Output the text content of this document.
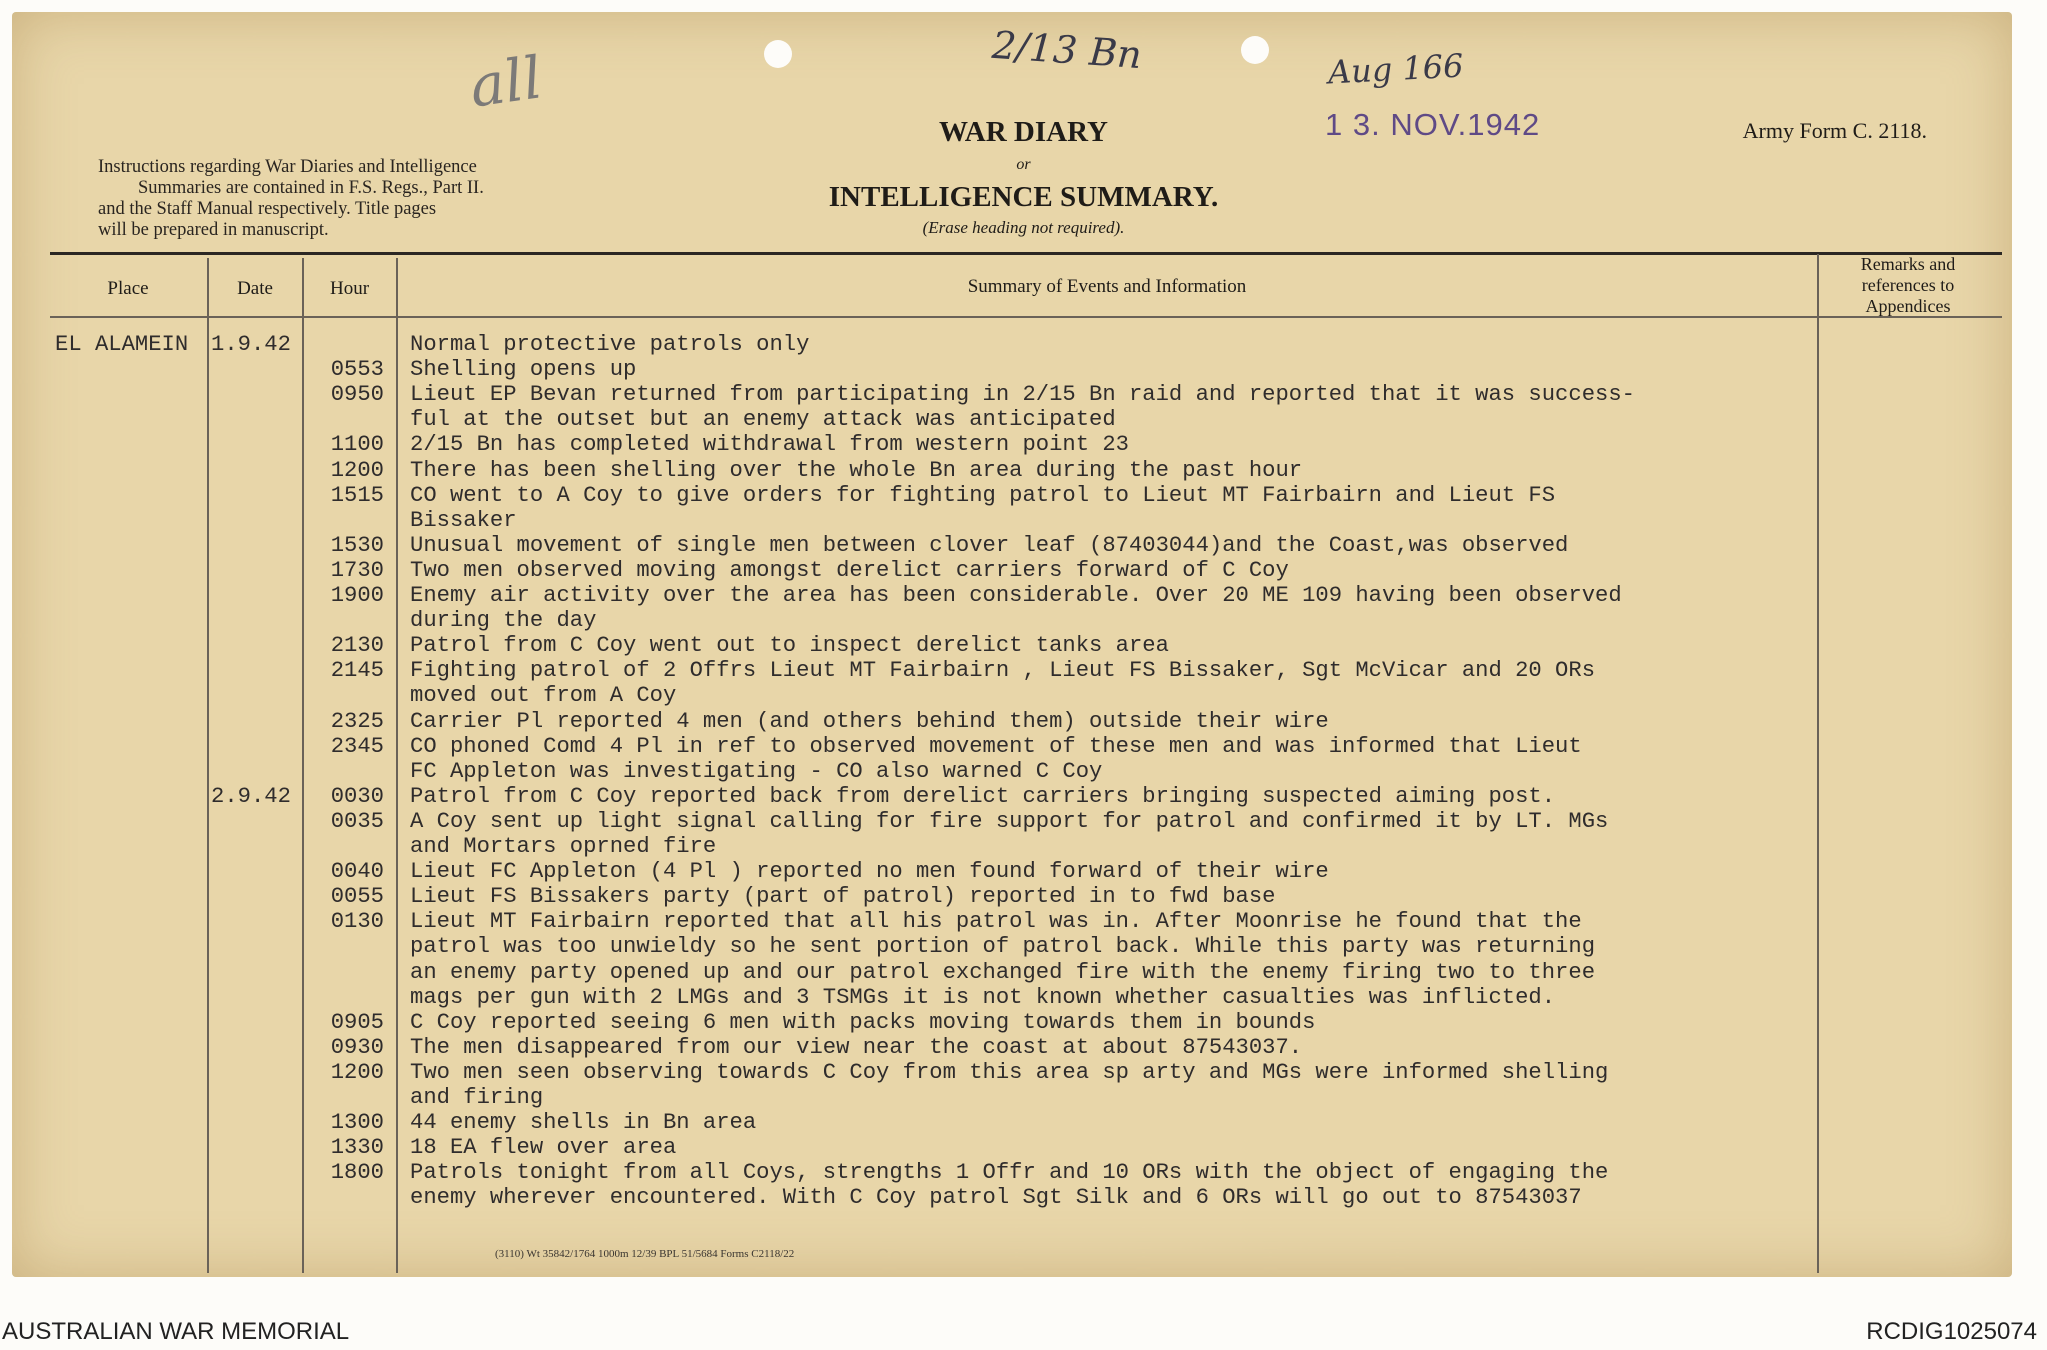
all	2/13 Bn	Aug 166
1 3. NOV.1942
WAR DIARY
or
INTELLIGENCE SUMMARY.
(Erase heading not required).
Army Form C. 2118.
Instructions regarding War Diaries and Intelligence
Summaries are contained in F.S. Regs., Part II.
and the Staff Manual respectively. Title pages
will be prepared in manuscript.
Place	Date	Hour	Summary of Events and Information
Remarks and references to Appendices
EL ALAMEIN 1.9.42	Normal protective patrols only
0553 Shelling opens up
0950 Lieut EP Bevan returned from participating in 2/15 Bn raid and reported that it was success-
ful at the outset but an enemy attack was anticipated
1100 2/15 Bn has completed withdrawal from western point 23
1200 There has been shelling over the whole Bn area during the past hour
1515 CO went to A Coy to give orders for fighting patrol to Lieut MT Fairbairn and Lieut FS
Bissaker
1530 Unusual movement of single men between clover leaf (87403044)and the Coast,was observed
1730 Two men observed moving amongst derelict carriers forward of C Coy
1900 Enemy air activity over the area has been considerable. Over 20 ME 109 having been observed
during the day
2130 Patrol from C Coy went out to inspect derelict tanks area
2145 Fighting patrol of 2 Offrs Lieut MT Fairbairn , Lieut FS Bissaker, Sgt McVicar and 20 ORs
moved out from A Coy
2325 Carrier Pl reported 4 men (and others behind them) outside their wire
2345 CO phoned Comd 4 Pl in ref to observed movement of these men and was informed that Lieut
FC Appleton was investigating - CO also warned C Coy
2.9.42	0030 Patrol from C Coy reported back from derelict carriers bringing suspected aiming post.
0035 A Coy sent up light signal calling for fire support for patrol and confirmed it by LT. MGs
and Mortars oprned fire
0040 Lieut FC Appleton (4 Pl ) reported no men found forward of their wire
0055 Lieut FS Bissakers party (part of patrol) reported in to fwd base
0130 Lieut MT Fairbairn reported that all his patrol was in. After Moonrise he found that the
patrol was too unwieldy so he sent portion of patrol back. While this party was returning
an enemy party opened up and our patrol exchanged fire with the enemy firing two to three
mags per gun with 2 LMGs and 3 TSMGs it is not known whether casualties was inflicted.
0905 C Coy reported seeing 6 men with packs moving towards them in bounds
0930 The men disappeared from our view near the coast at about 87543037.
1200 Two men seen observing towards C Coy from this area sp arty and MGs were informed shelling
and firing
1300 44 enemy shells in Bn area
1330 18 EA flew over area
1800 Patrols tonight from all Coys, strengths 1 Offr and 10 ORs with the object of engaging the
enemy wherever encountered. With C Coy patrol Sgt Silk and 6 ORs will go out to 87543037
(3110) Wt 35842/1764 1000m 12/39 BPL 51/5684 Forms C2118/22
AUSTRALIAN WAR MEMORIAL	RCDIG1025074
